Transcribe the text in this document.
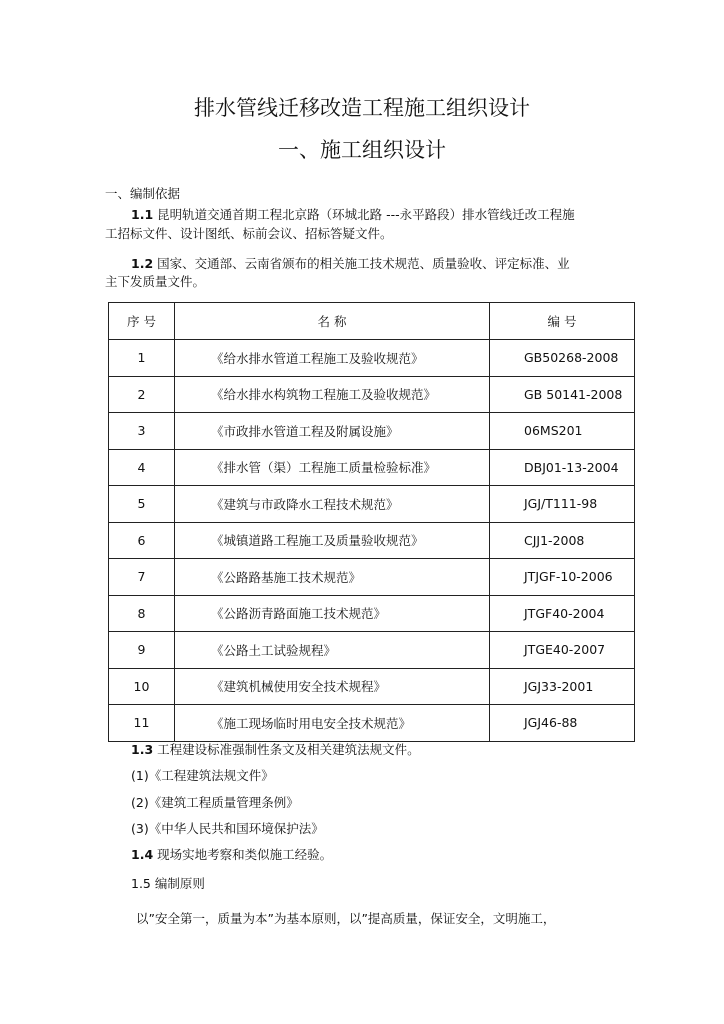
排水管线迁移改造工程施工组织设计
一、施工组织设计
一、编制依据
1.1 昆明轨道交通首期工程北京路（环城北路 ---永平路段）排水管线迁改工程施
工招标文件、设计图纸、标前会议、招标答疑文件。
1.2 国家、交通部、云南省颁布的相关施工技术规范、质量验收、评定标准、业
主下发质量文件。
序 号	名 称	编 号
1	《给水排水管道工程施工及验收规范》	GB50268-2008
2	《给水排水构筑物工程施工及验收规范》	GB 50141-2008
3	《市政排水管道工程及附属设施》	06MS201
4	《排水管（渠）工程施工质量检验标准》	DBJ01-13-2004
5	《建筑与市政降水工程技术规范》	JGJ/T111-98
6	《城镇道路工程施工及质量验收规范》	CJJ1-2008
7	《公路路基施工技术规范》	JTJGF-10-2006
8	《公路沥青路面施工技术规范》	JTGF40-2004
9	《公路土工试验规程》	JTGE40-2007
10	《建筑机械使用安全技术规程》	JGJ33-2001
11	《施工现场临时用电安全技术规范》	JGJ46-88
1.3 工程建设标准强制性条文及相关建筑法规文件。
(1)《工程建筑法规文件》
(2)《建筑工程质量管理条例》
(3)《中华人民共和国环境保护法》
1.4 现场实地考察和类似施工经验。
1.5 编制原则
以”安全第一，质量为本”为基本原则，以”提高质量，保证安全，文明施工，
